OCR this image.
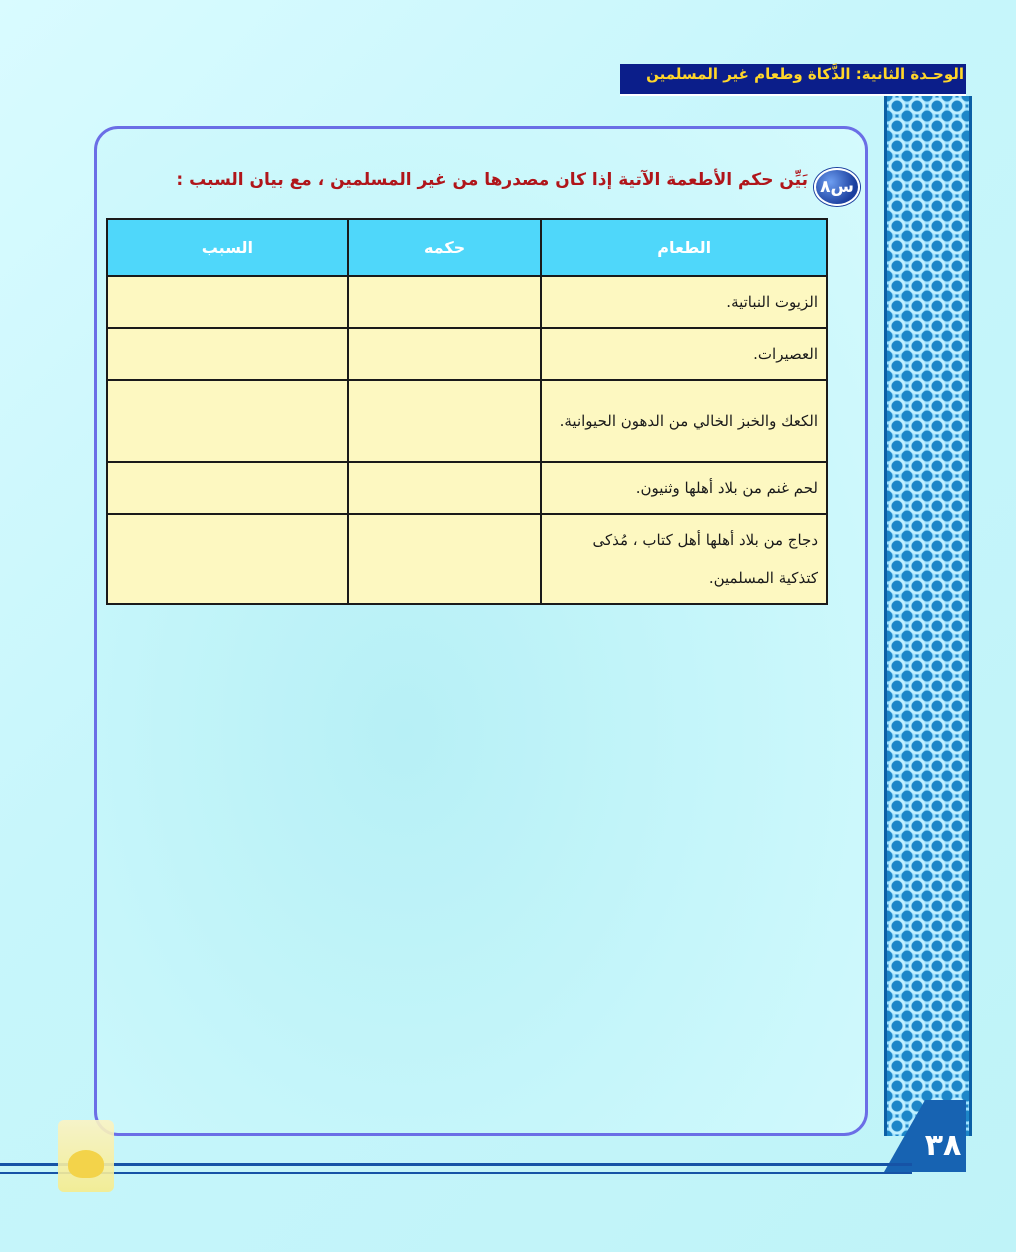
الوحـدة الثانية: الذَّكاة وطعام غير المسلمين
٣٨
س٨
بَيِّن حكم الأطعمة الآتية إذا كان مصدرها من غير المسلمين ، مع بيان السبب :
الطعام	حكمه	السبب
الزيوت النباتية.		
العصيرات.		
الكعك والخبز الخالي من الدهون الحيوانية.		
لحم غنم من بلاد أهلها وثنيون.		
دجاج من بلاد أهلها أهل كتاب ، مُذكى كتذكية المسلمين.		
